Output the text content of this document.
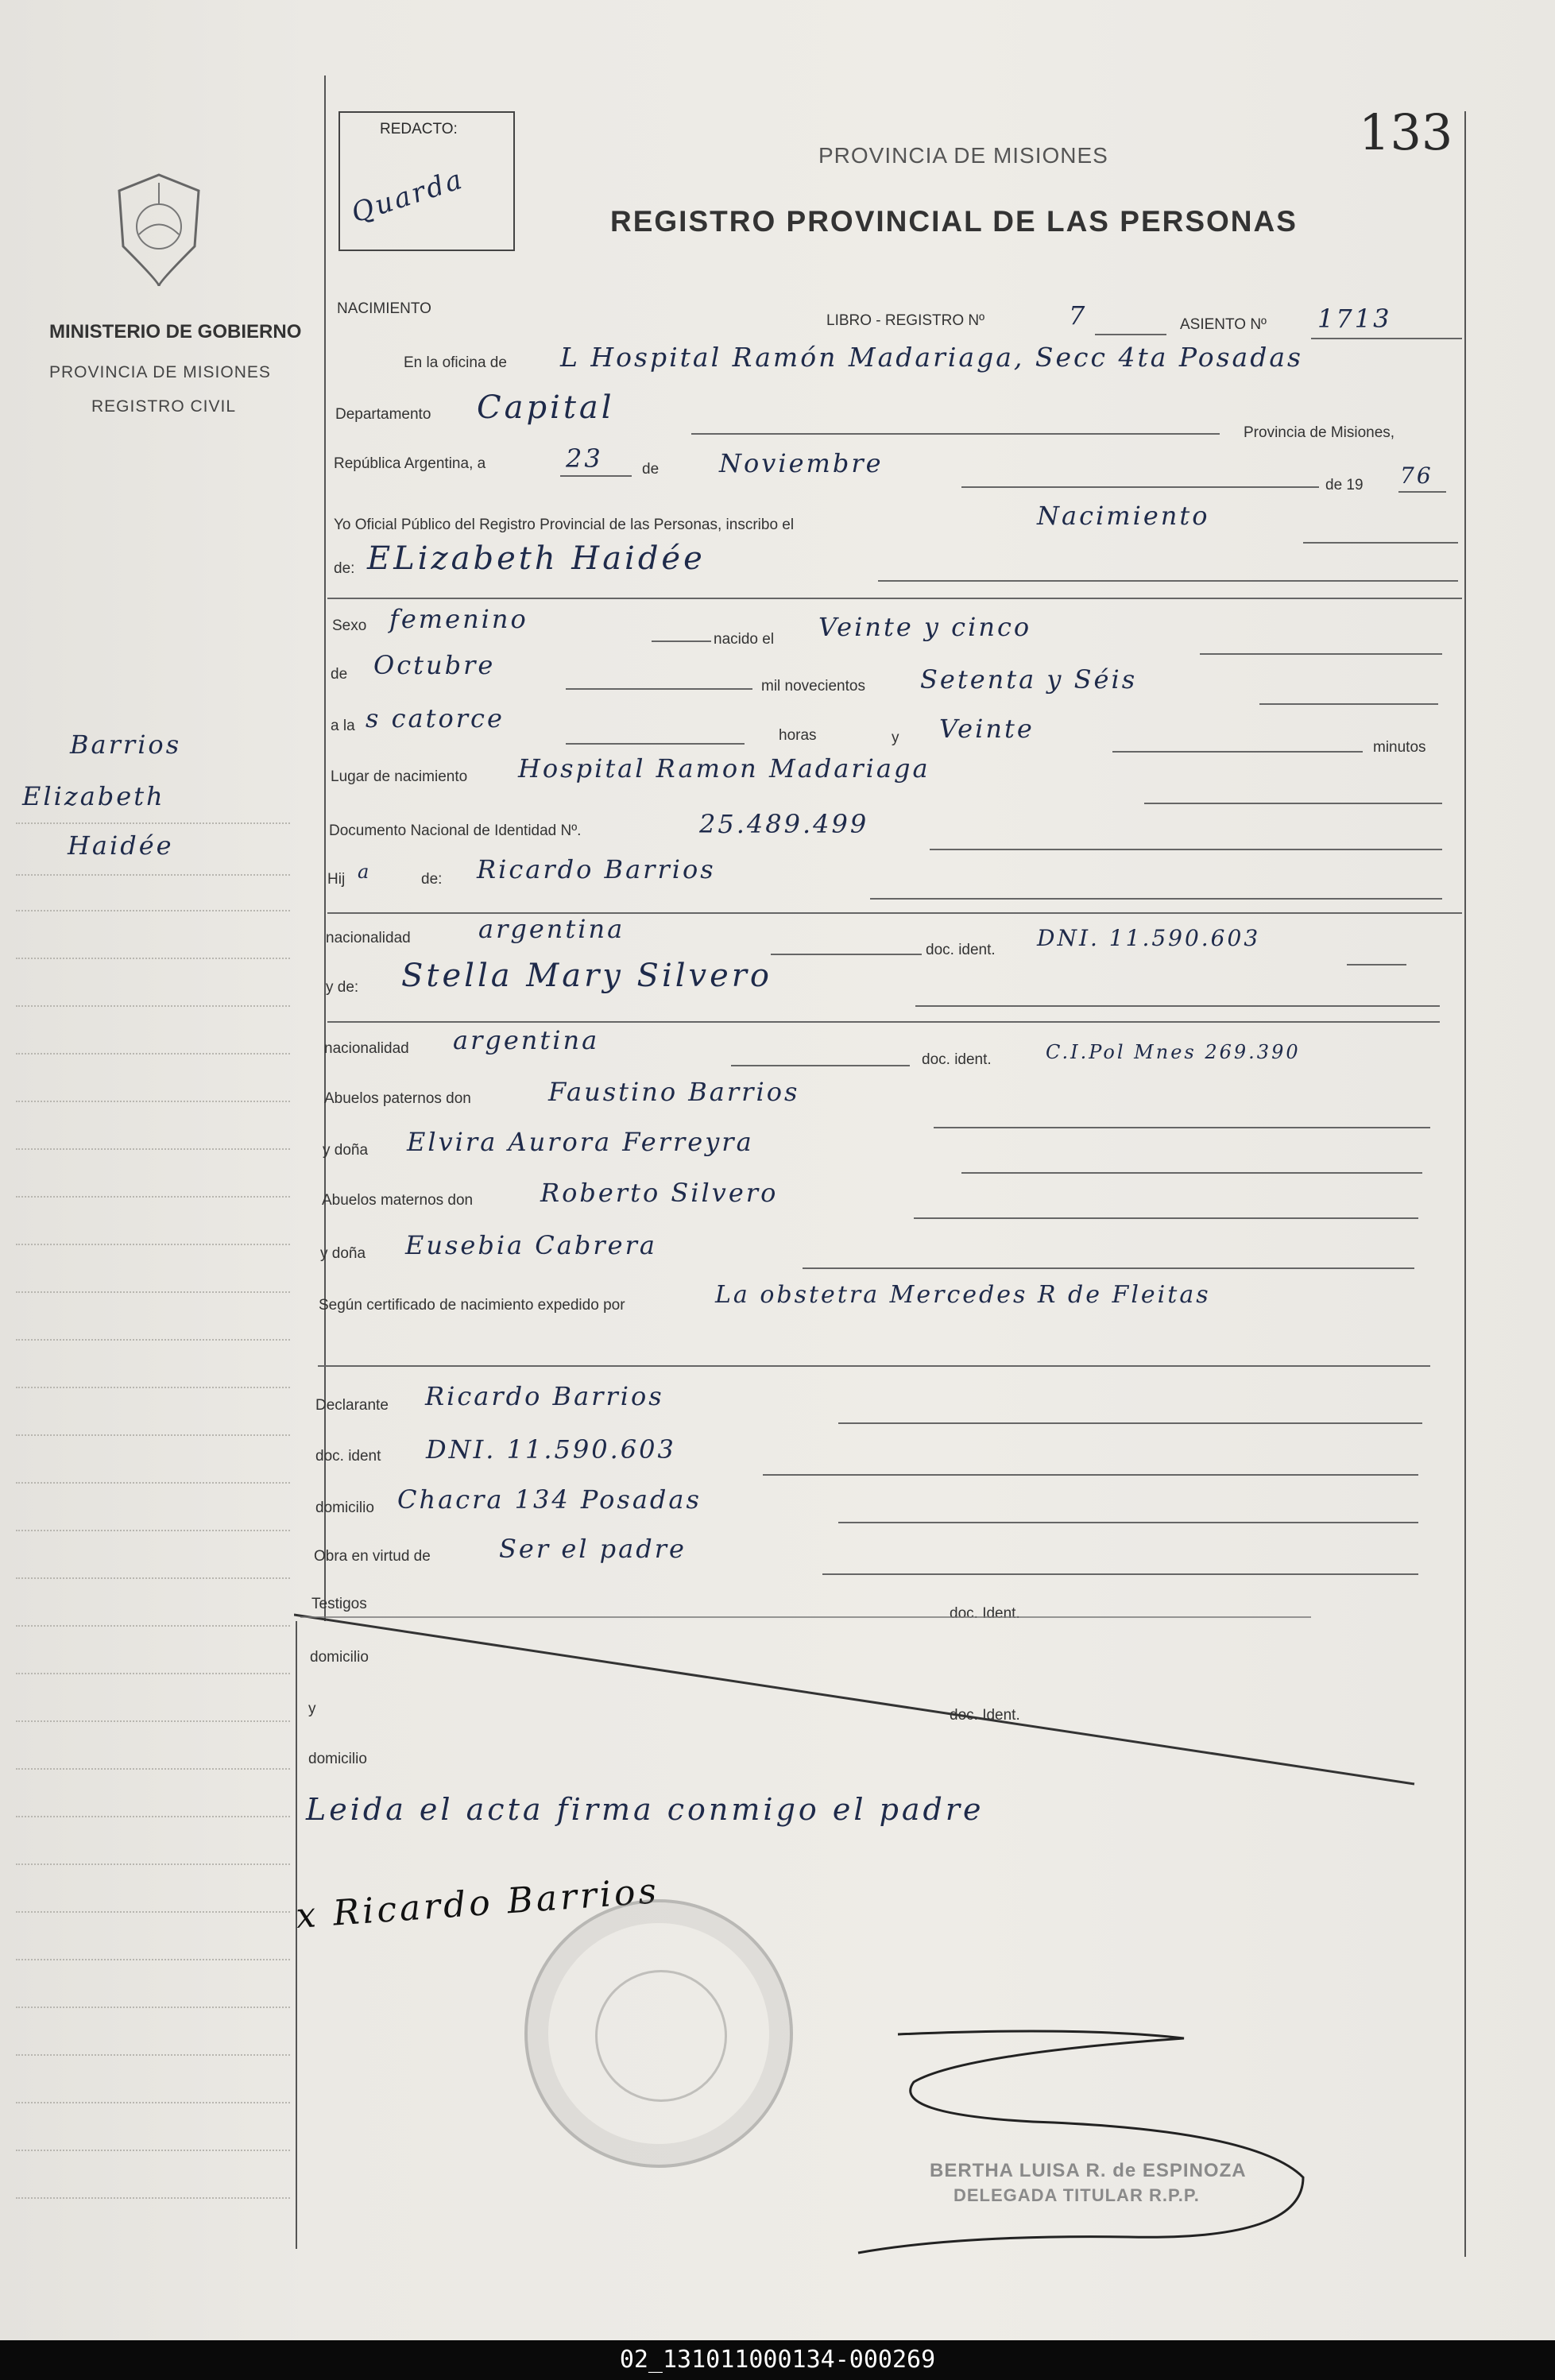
MINISTERIO DE GOBIERNO
PROVINCIA DE MISIONES
REGISTRO CIVIL
Barrios
Elizabeth
Haidée
REDACTO:
Quarda
PROVINCIA DE MISIONES
REGISTRO PROVINCIAL DE LAS PERSONAS
133
NACIMIENTO
LIBRO - REGISTRO Nº	7	ASIENTO Nº 1713
En la oficina de L Hospital Ramón Madariaga, Secc 4ta Posadas
Departamento Capital
Provincia de Misiones,
República Argentina, a	23	de Noviembre
de 19 76
Yo Oficial Público del Registro Provincial de las Personas, inscribo el	Nacimiento
de: ELizabeth Haidée
Sexo femenino
nacido el Veinte y cinco
de Octubre
mil novecientos Setenta y Séis
a la s catorce
horas	y Veinte
minutos
Lugar de nacimiento Hospital Ramon Madariaga
Documento Nacional de Identidad Nº.	25.489.499
Hij a	de: Ricardo Barrios
nacionalidad	argentina
doc. ident. DNI. 11.590.603
y de: Stella Mary Silvero
nacionalidad argentina
doc. ident.	C.I.Pol Mnes 269.390
Abuelos paternos don	Faustino Barrios
y doña Elvira Aurora Ferreyra
Abuelos maternos don	Roberto Silvero
y doña Eusebia Cabrera
Según certificado de nacimiento expedido por	La obstetra Mercedes R de Fleitas
Declarante Ricardo Barrios
doc. ident DNI. 11.590.603
domicilio Chacra 134 Posadas
Obra en virtud de	Ser el padre
Testigos
doc. Ident.
domicilio
y	doc. Ident.
domicilio
Leida el acta firma conmigo el padre
x Ricardo Barrios
BERTHA LUISA R. de ESPINOZA
DELEGADA TITULAR R.P.P.
02_131011000134-000269
